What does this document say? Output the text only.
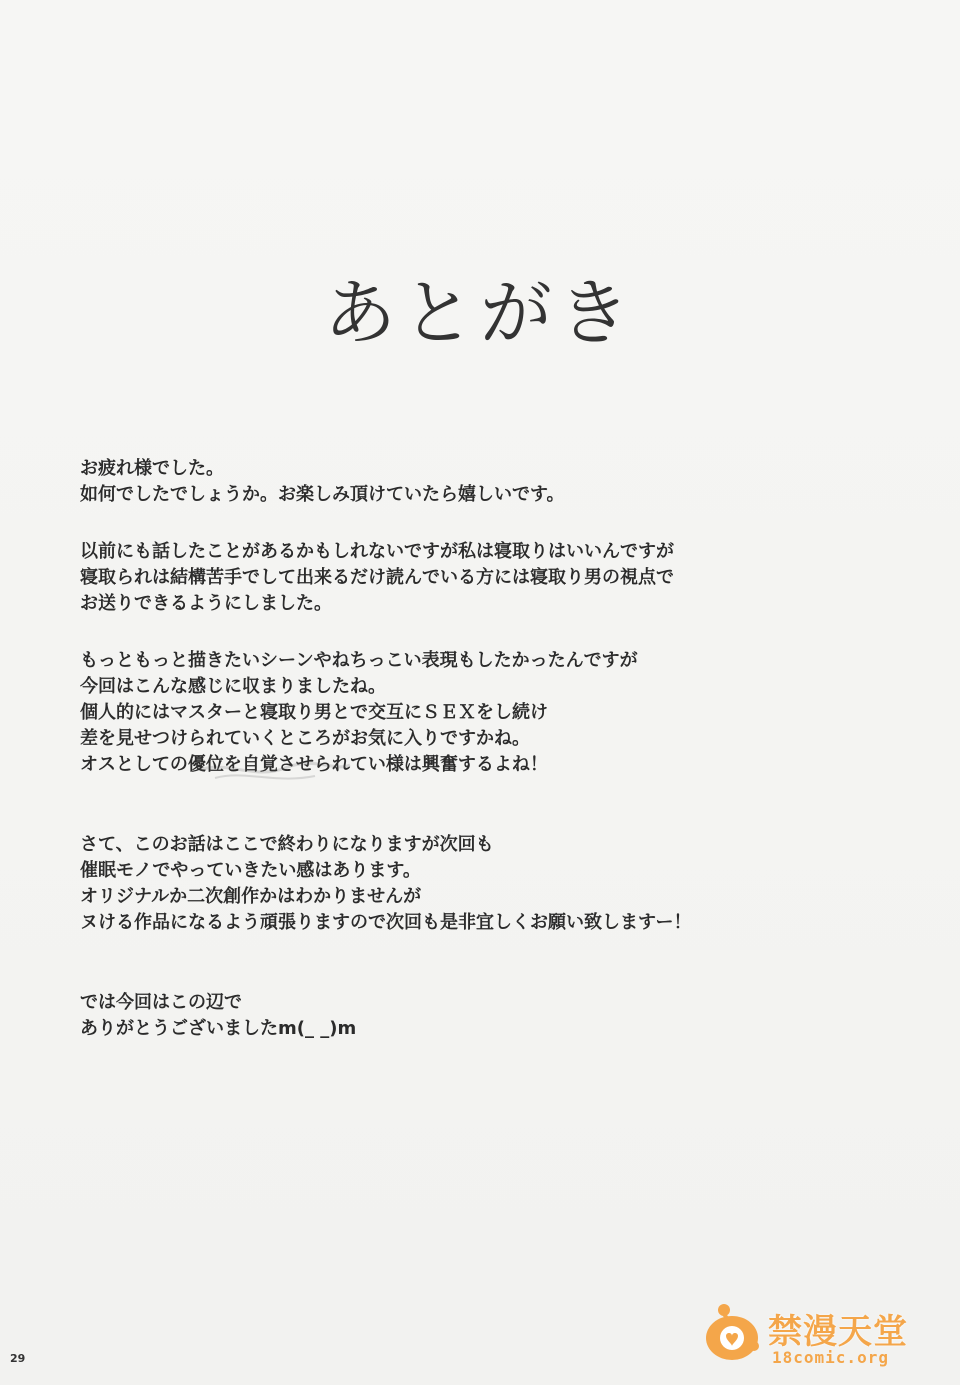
あとがき
お疲れ様でした。
如何でしたでしょうか。お楽しみ頂けていたら嬉しいです。
以前にも話したことがあるかもしれないですが私は寝取りはいいんですが
寝取られは結構苦手でして出来るだけ読んでいる方には寝取り男の視点で
お送りできるようにしました。
もっともっと描きたいシーンやねちっこい表現もしたかったんですが
今回はこんな感じに収まりましたね。
個人的にはマスターと寝取り男とで交互にＳＥＸをし続け
差を見せつけられていくところがお気に入りですかね。
オスとしての優位を自覚させられてい様は興奮するよね！
さて、このお話はここで終わりになりますが次回も
催眠モノでやっていきたい感はあります。
オリジナルか二次創作かはわかりませんが
ヌける作品になるよう頑張りますので次回も是非宜しくお願い致しますー！
では今回はこの辺で
ありがとうございましたm(_ _)m
29
禁漫天堂
18comic.org
